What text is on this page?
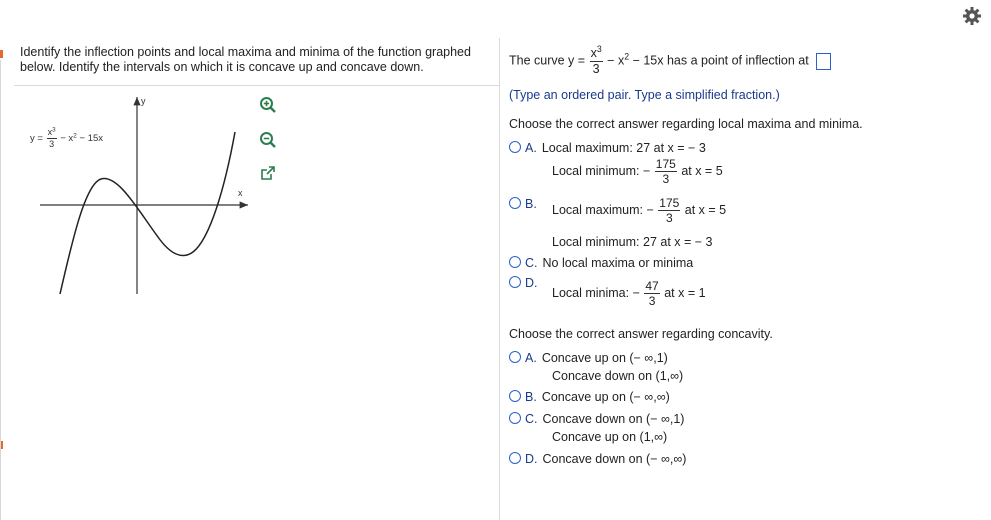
Identify the inflection points and local maxima and minima of the function graphed
below. Identify the intervals on which it is concave up and concave down.
x
y
$y = \frac{x^3}{3} - x^2 - 15x$
The curve $y = \frac{x^3}{3} - x^2 - 15x$ has a point of inflection at
(Type an ordered pair. Type a simplified fraction.)
Choose the correct answer regarding local maxima and minima.
A. Local maximum: 27 at x = − 3
Local minimum: − $\frac{175}{3}$ at x = 5
B.	Local maximum: − $\frac{175}{3}$ at x = 5
Local minimum: 27 at x = − 3
C. No local maxima or minima
D.
Local minima: − $\frac{47}{3}$ at x = 1
Choose the correct answer regarding concavity.
A. Concave up on (− ∞,1)
Concave down on (1,∞)
B. Concave up on (− ∞,∞)
C. Concave down on (− ∞,1)
Concave up on (1,∞)
D. Concave down on (− ∞,∞)
